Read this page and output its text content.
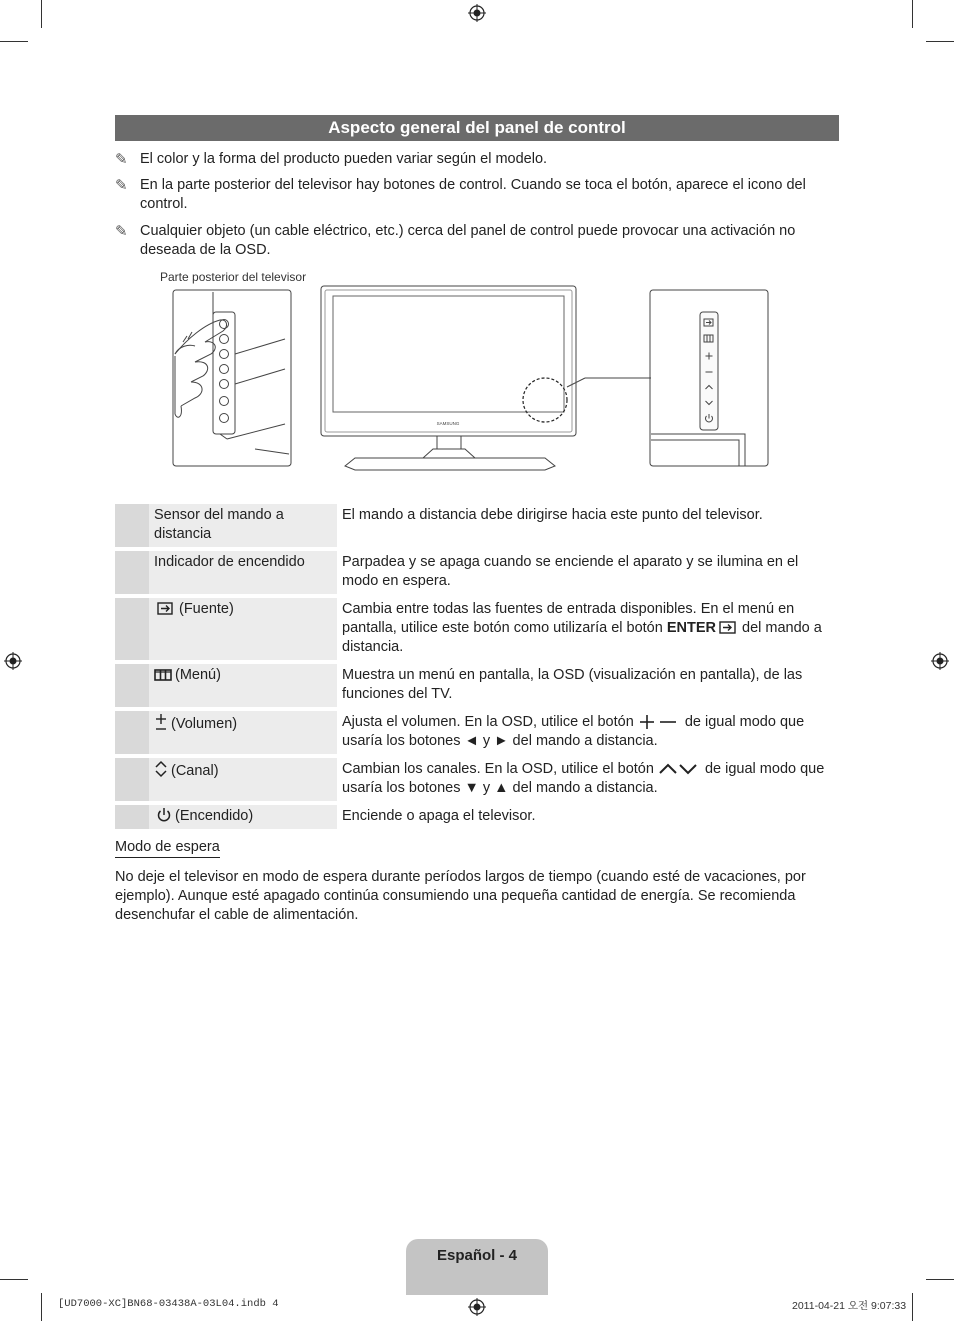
Aspecto general del panel de control
✎ El color y la forma del producto pueden variar según el modelo.
✎ En la parte posterior del televisor hay botones de control. Cuando se toca el botón, aparece el icono del control.
✎ Cualquier objeto (un cable eléctrico, etc.) cerca del panel de control puede provocar una activación no deseada de la OSD.
Parte posterior del televisor
SAMSUNG
	Sensor del mando a distancia	El mando a distancia debe dirigirse hacia este punto del televisor.
	Indicador de encendido	Parpadea y se apaga cuando se enciende el aparato y se ilumina en el modo en espera.
	(Fuente)	Cambia entre todas las fuentes de entrada disponibles. En el menú en pantalla, utilice este botón como utilizaría el botón ENTER del mando a distancia.
	(Menú)	Muestra un menú en pantalla, la OSD (visualización en pantalla), de las funciones del TV.
	(Volumen)	Ajusta el volumen. En la OSD, utilice el botón de igual modo que usaría los botones ◄ y ► del mando a distancia.
	(Canal)	Cambian los canales. En la OSD, utilice el botón de igual modo que usaría los botones ▼ y ▲ del mando a distancia.
	(Encendido)	Enciende o apaga el televisor.
Modo de espera
No deje el televisor en modo de espera durante períodos largos de tiempo (cuando esté de vacaciones, por ejemplo). Aunque esté apagado continúa consumiendo una pequeña cantidad de energía. Se recomienda desenchufar el cable de alimentación.
Español - 4
[UD7000-XC]BN68-03438A-03L04.indb 4	2011-04-21 오전 9:07:33
